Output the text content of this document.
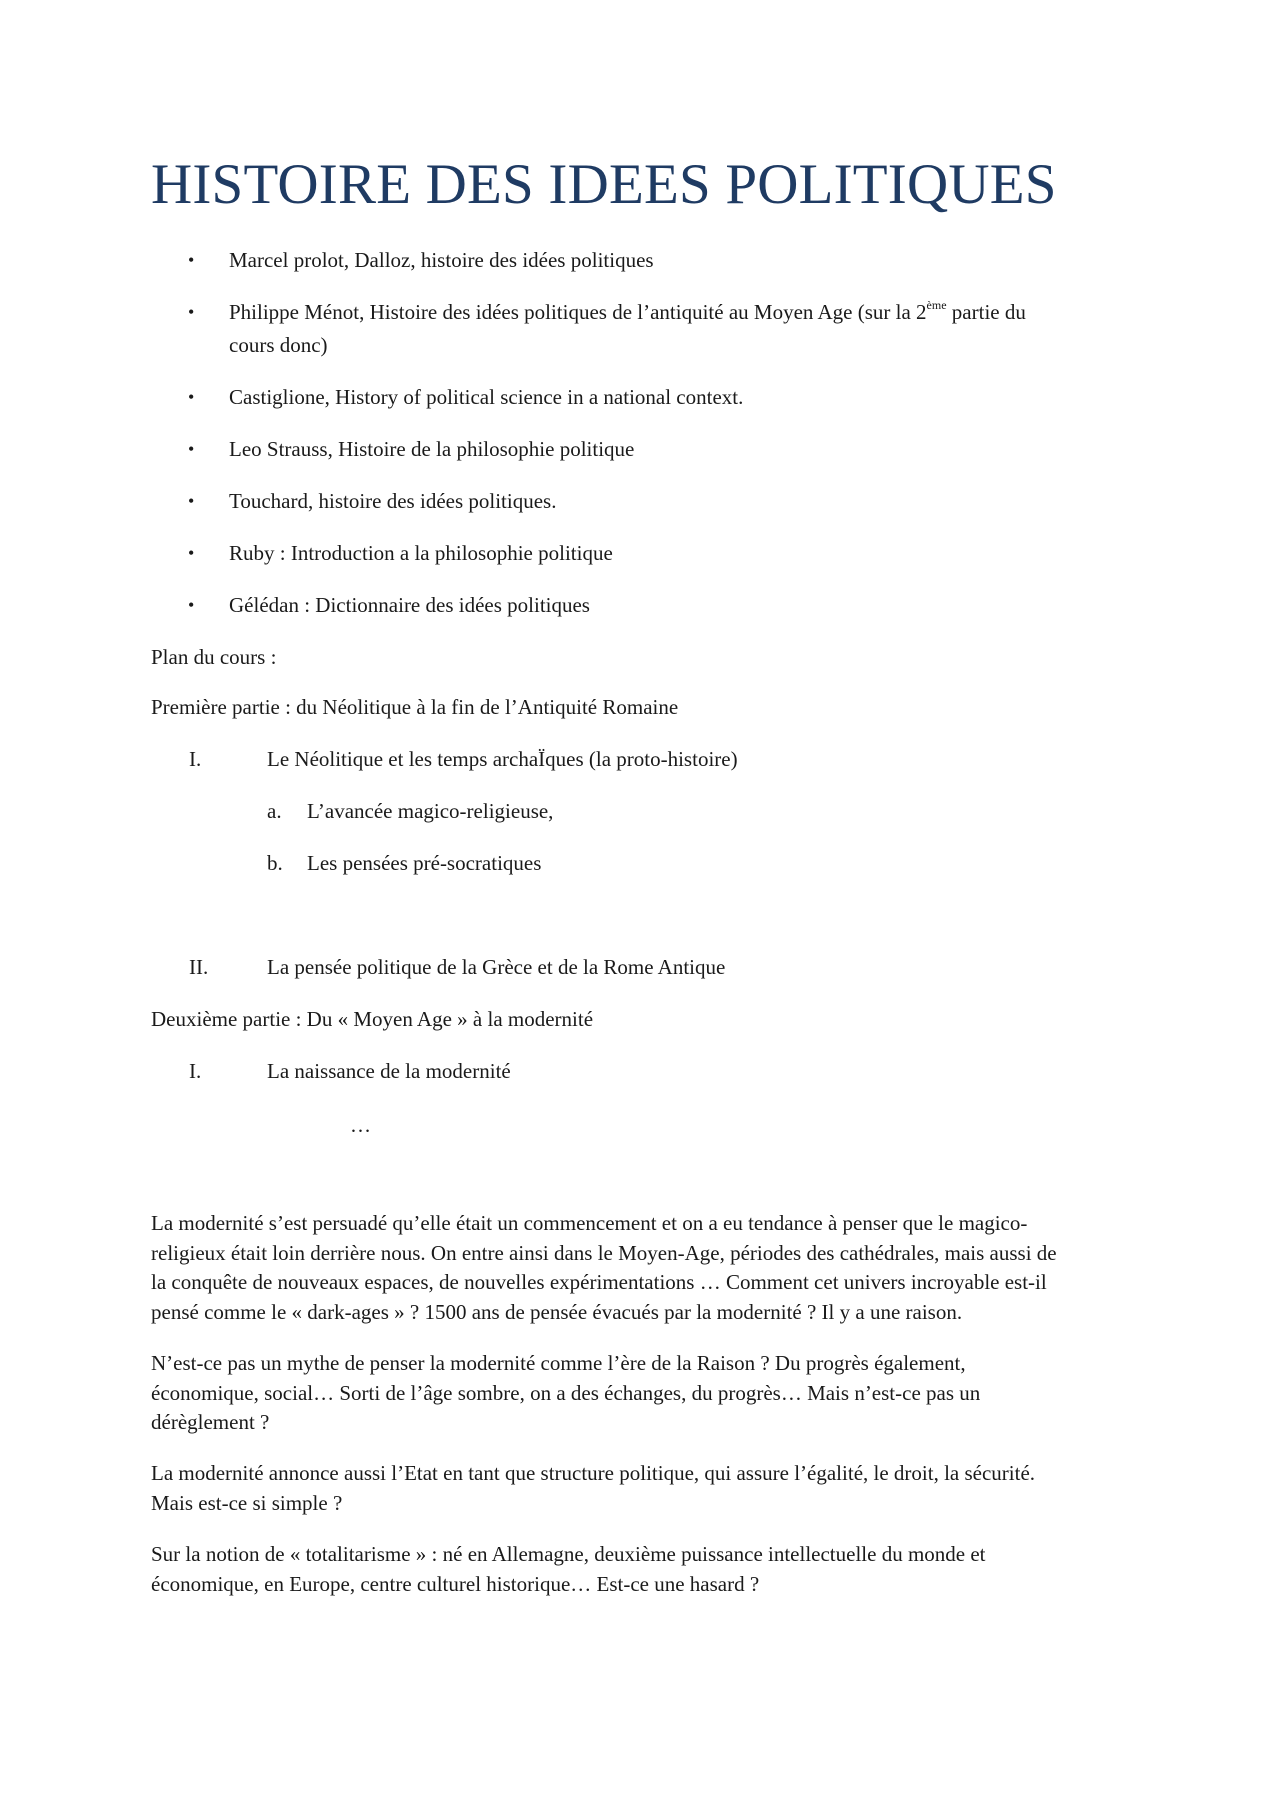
HISTOIRE DES IDEES POLITIQUES
• Marcel prolot, Dalloz, histoire des idées politiques
• Philippe Ménot, Histoire des idées politiques de l’antiquité au Moyen Age (sur la 2ème partie du
cours donc)
• Castiglione, History of political science in a national context.
• Leo Strauss, Histoire de la philosophie politique
• Touchard, histoire des idées politiques.
• Ruby : Introduction a la philosophie politique
• Gélédan : Dictionnaire des idées politiques
Plan du cours :
Première partie : du Néolitique à la fin de l’Antiquité Romaine
I.	Le Néolitique et les temps archaÏques (la proto-histoire)
a. L’avancée magico-religieuse,
b. Les pensées pré-socratiques
II.	La pensée politique de la Grèce et de la Rome Antique
Deuxième partie : Du « Moyen Age » à la modernité
I.	La naissance de la modernité
…
La modernité s’est persuadé qu’elle était un commencement et on a eu tendance à penser que le magico-
religieux était loin derrière nous. On entre ainsi dans le Moyen-Age, périodes des cathédrales, mais aussi de
la conquête de nouveaux espaces, de nouvelles expérimentations … Comment cet univers incroyable est-il
pensé comme le « dark-ages » ? 1500 ans de pensée évacués par la modernité ? Il y a une raison.
N’est-ce pas un mythe de penser la modernité comme l’ère de la Raison ? Du progrès également,
économique, social… Sorti de l’âge sombre, on a des échanges, du progrès… Mais n’est-ce pas un
dérèglement ?
La modernité annonce aussi l’Etat en tant que structure politique, qui assure l’égalité, le droit, la sécurité.
Mais est-ce si simple ?
Sur la notion de « totalitarisme » : né en Allemagne, deuxième puissance intellectuelle du monde et
économique, en Europe, centre culturel historique… Est-ce une hasard ?
